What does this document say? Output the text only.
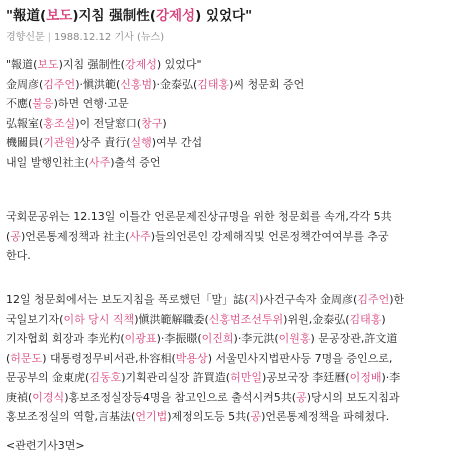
"報道(보도)지침 强制性(강제성) 있었다"
경향신문 | 1988.12.12 기사 (뉴스)
"報道(보도)지침 强制性(강제성) 있었다"
金周彦(김주언)·愼洪範(신홍범)·金泰弘(김태홍)씨 청문회 증언
不應(불응)하면 연행·고문
弘報室(홍조실)이 전달窓口(창구)
機關員(기관원)상주 責行(실행)여부 간섭
내일 발행인社主(사주)출석 증언
국회문공위는 12.13일 이틀간 언론문제진상규명을 위한 청문회를 속개,각각 5共
(공)언론통제정책과 社主(사주)들의언론인 강제해직및 언론정책간여여부를 추궁
한다.
12일 청문회에서는 보도지침을 폭로했던「말」誌(지)사건구속자 金周彦(김주언)한
국일보기자(이하 당시 직책)愼洪範解職委(신홍범조선투위)위원,金泰弘(김태홍)
기자협회 회장과 李光杓(이광표)·李振暻(이진희)·李元洪(이원홍) 문공장관,許文道
(허문도) 대통령정무비서관,朴容相(박용상) 서울민사지법판사등 7명을 증인으로,
문공부의 金東虎(김동호)기획관리실장 許買造(허만일)공보국장 李廷曆(이정배)·李
庚禎(이경식)홍보조정실장등4명을 참고인으로 출석시켜5共(공)당시의 보도지침과
홍보조정실의 역할,言基法(언기법)제정의도등 5共(공)언론통제정책을 파헤쳤다.
<관련기사3면>
